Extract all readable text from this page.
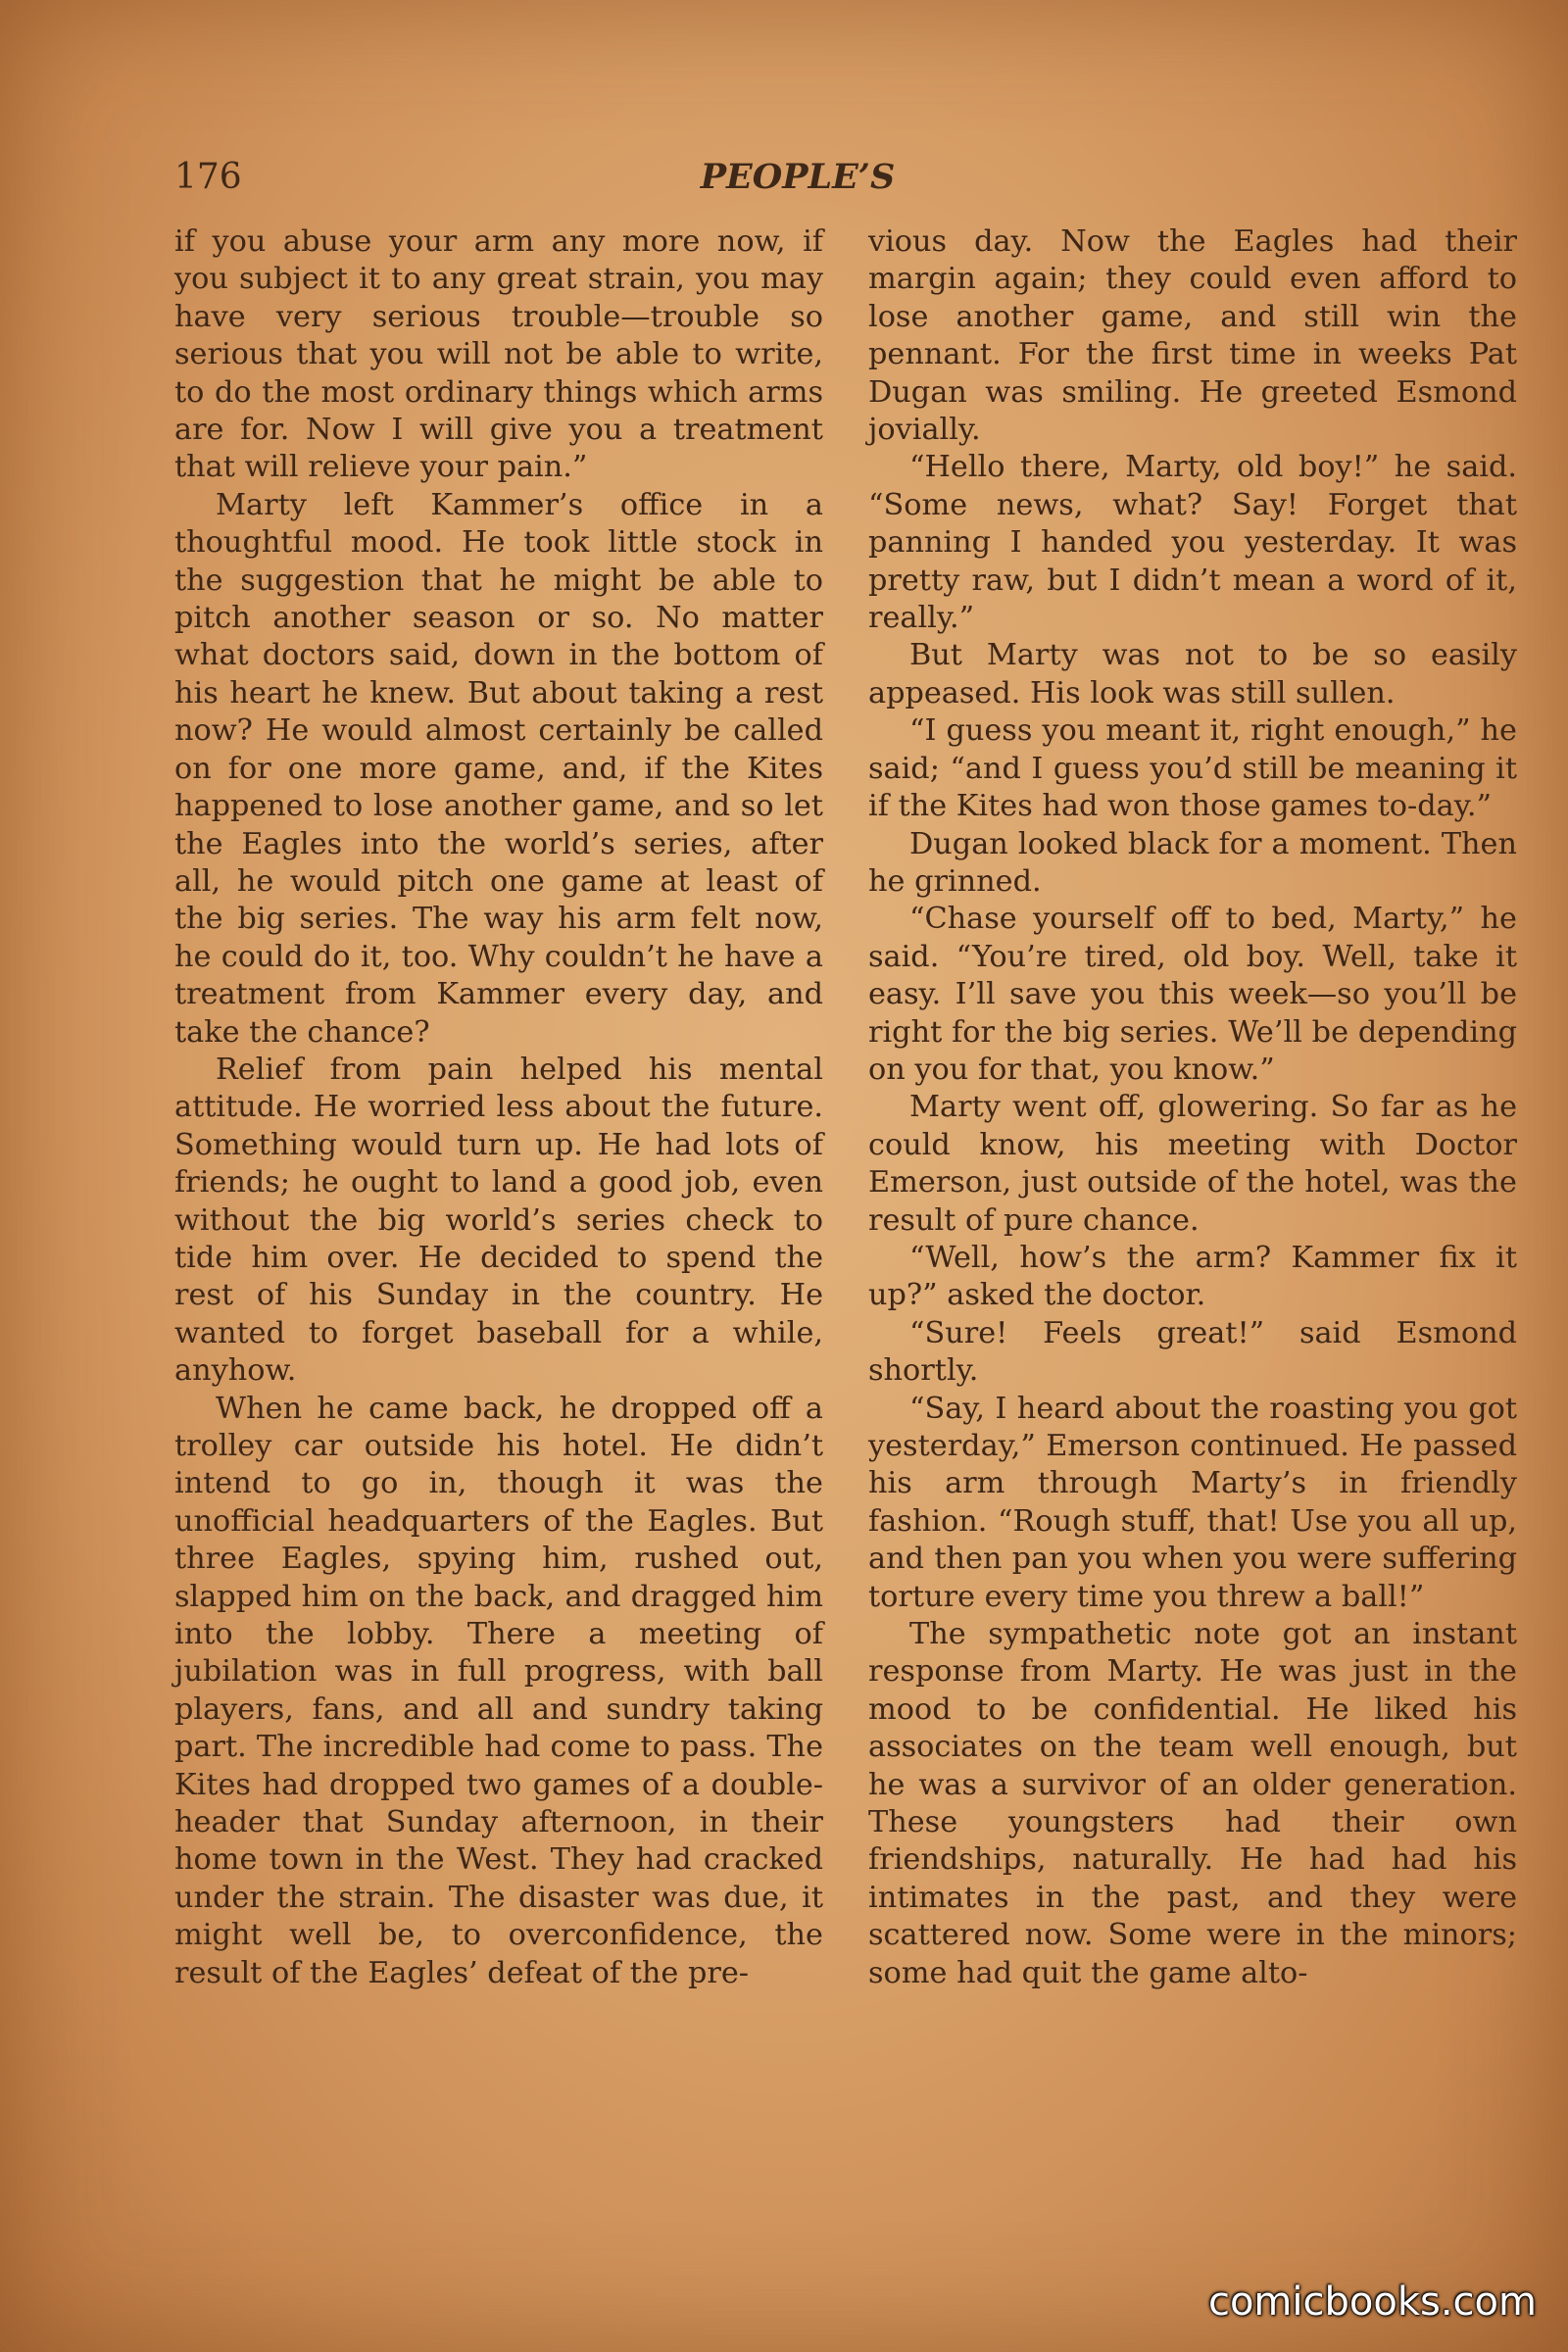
176	PEOPLE’S

if you abuse your arm any more now, if you subject it to any great strain, you may have very serious trouble—trouble so serious that you will not be able to write, to do the most ordinary things which arms are for. Now I will give you a treatment that will relieve your pain.”

Marty left Kammer’s office in a thoughtful mood. He took little stock in the suggestion that he might be able to pitch another season or so. No matter what doctors said, down in the bottom of his heart he knew. But about taking a rest now? He would almost certainly be called on for one more game, and, if the Kites happened to lose another game, and so let the Eagles into the world’s series, after all, he would pitch one game at least of the big series. The way his arm felt now, he could do it, too. Why couldn’t he have a treatment from Kammer every day, and take the chance?

Relief from pain helped his mental attitude. He worried less about the future. Something would turn up. He had lots of friends; he ought to land a good job, even without the big world’s series check to tide him over. He decided to spend the rest of his Sunday in the country. He wanted to forget baseball for a while, anyhow.

When he came back, he dropped off a trolley car outside his hotel. He didn’t intend to go in, though it was the unofficial headquarters of the Eagles. But three Eagles, spying him, rushed out, slapped him on the back, and dragged him into the lobby. There a meeting of jubilation was in full progress, with ball players, fans, and all and sundry taking part. The incredible had come to pass. The Kites had dropped two games of a double-header that Sunday afternoon, in their home town in the West. They had cracked under the strain. The disaster was due, it might well be, to overconfidence, the result of the Eagles’ defeat of the pre-

vious day. Now the Eagles had their margin again; they could even afford to lose another game, and still win the pennant. For the first time in weeks Pat Dugan was smiling. He greeted Esmond jovially.

“Hello there, Marty, old boy!” he said. “Some news, what? Say! Forget that panning I handed you yesterday. It was pretty raw, but I didn’t mean a word of it, really.”

But Marty was not to be so easily appeased. His look was still sullen.

“I guess you meant it, right enough,” he said; “and I guess you’d still be meaning it if the Kites had won those games to-day.”

Dugan looked black for a moment. Then he grinned.

“Chase yourself off to bed, Marty,” he said. “You’re tired, old boy. Well, take it easy. I’ll save you this week—so you’ll be right for the big series. We’ll be depending on you for that, you know.”

Marty went off, glowering. So far as he could know, his meeting with Doctor Emerson, just outside of the hotel, was the result of pure chance.

“Well, how’s the arm? Kammer fix it up?” asked the doctor.

“Sure! Feels great!” said Esmond shortly.

“Say, I heard about the roasting you got yesterday,” Emerson continued. He passed his arm through Marty’s in friendly fashion. “Rough stuff, that! Use you all up, and then pan you when you were suffering torture every time you threw a ball!”

The sympathetic note got an instant response from Marty. He was just in the mood to be confidential. He liked his associates on the team well enough, but he was a survivor of an older generation. These youngsters had their own friendships, naturally. He had had his intimates in the past, and they were scattered now. Some were in the minors; some had quit the game alto-

comicbooks.com
